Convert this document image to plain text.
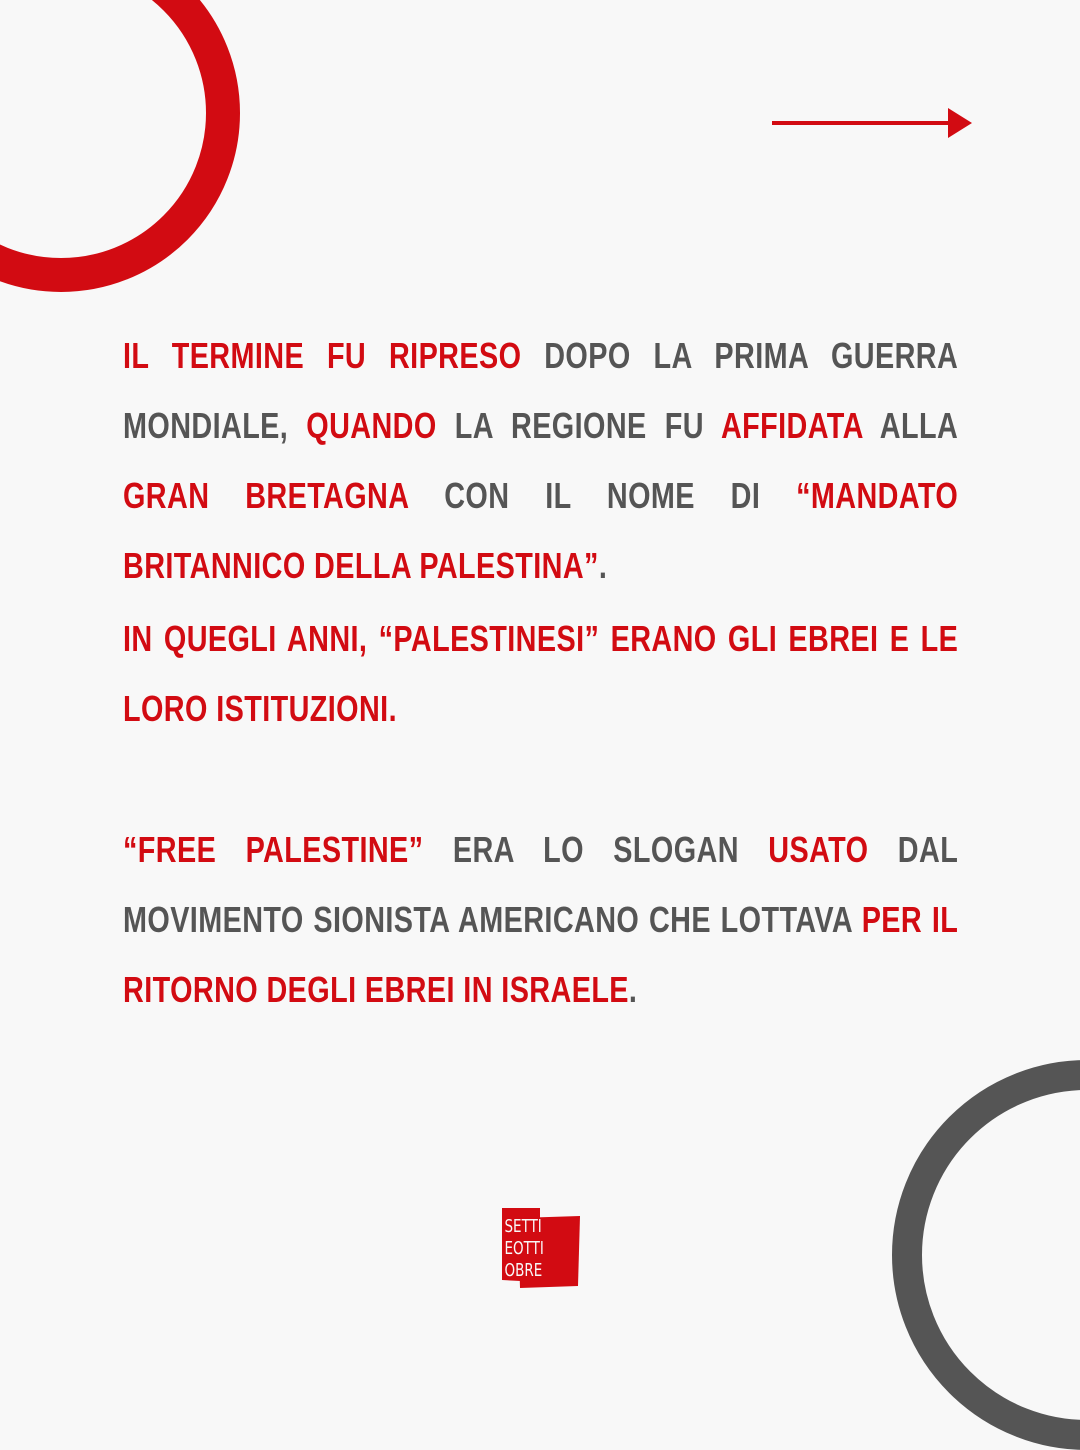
IL TERMINE FU RIPRESO DOPO LA PRIMA GUERRA MONDIALE, QUANDO LA REGIONE FU AFFIDATA ALLA GRAN BRETAGNA CON IL NOME DI “MANDATO BRITANNICO DELLA PALESTINA”.
IN QUEGLI ANNI, “PALESTINESI” ERANO GLI EBREI E LE LORO ISTITUZIONI.
“FREE PALESTINE” ERA LO SLOGAN USATO DAL MOVIMENTO SIONISTA AMERICANO CHE LOTTAVA PER IL RITORNO DEGLI EBREI IN ISRAELE.
SETTI
EOTTI
OBRE
